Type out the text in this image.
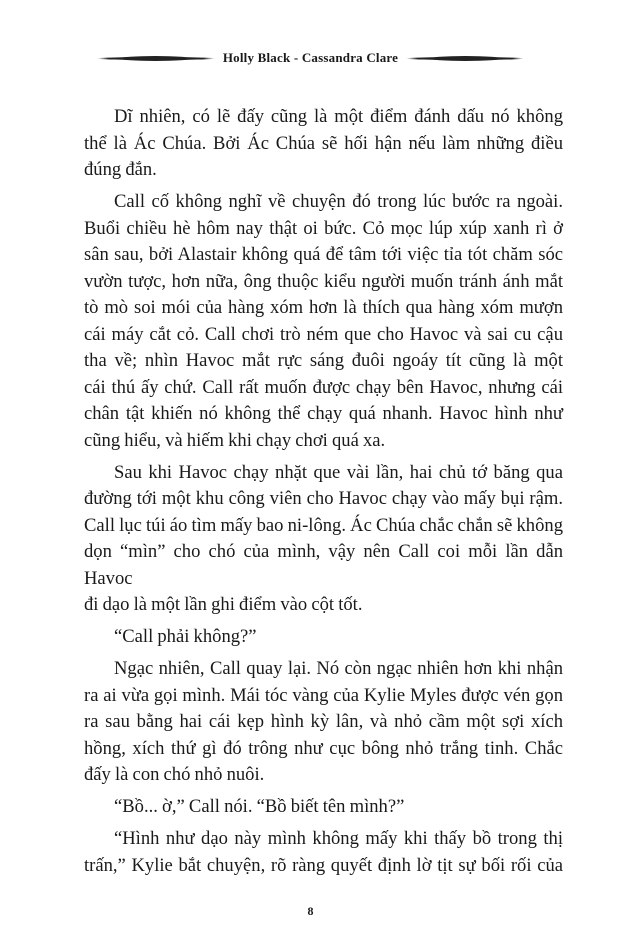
Holly Black - Cassandra Clare
Dĩ nhiên, có lẽ đấy cũng là một điểm đánh dấu nó không
thể là Ác Chúa. Bởi Ác Chúa sẽ hối hận nếu làm những điều
đúng đắn.
Call cố không nghĩ về chuyện đó trong lúc bước ra ngoài.
Buổi chiều hè hôm nay thật oi bức. Cỏ mọc lúp xúp xanh rì ở
sân sau, bởi Alastair không quá để tâm tới việc tỉa tót chăm sóc
vườn tược, hơn nữa, ông thuộc kiểu người muốn tránh ánh mắt
tò mò soi mói của hàng xóm hơn là thích qua hàng xóm mượn
cái máy cắt cỏ. Call chơi trò ném que cho Havoc và sai cu cậu
tha về; nhìn Havoc mắt rực sáng đuôi ngoáy tít cũng là một
cái thú ấy chứ. Call rất muốn được chạy bên Havoc, nhưng cái
chân tật khiến nó không thể chạy quá nhanh. Havoc hình như
cũng hiểu, và hiếm khi chạy chơi quá xa.
Sau khi Havoc chạy nhặt que vài lần, hai chủ tớ băng qua
đường tới một khu công viên cho Havoc chạy vào mấy bụi rậm.
Call lục túi áo tìm mấy bao ni-lông. Ác Chúa chắc chắn sẽ không
dọn “mìn” cho chó của mình, vậy nên Call coi mỗi lần dẫn Havoc
đi dạo là một lần ghi điểm vào cột tốt.
“Call phải không?”
Ngạc nhiên, Call quay lại. Nó còn ngạc nhiên hơn khi nhận
ra ai vừa gọi mình. Mái tóc vàng của Kylie Myles được vén gọn
ra sau bằng hai cái kẹp hình kỳ lân, và nhỏ cầm một sợi xích
hồng, xích thứ gì đó trông như cục bông nhỏ trắng tinh. Chắc
đấy là con chó nhỏ nuôi.
“Bồ... ờ,” Call nói. “Bồ biết tên mình?”
“Hình như dạo này mình không mấy khi thấy bồ trong thị
trấn,” Kylie bắt chuyện, rõ ràng quyết định lờ tịt sự bối rối của
8
